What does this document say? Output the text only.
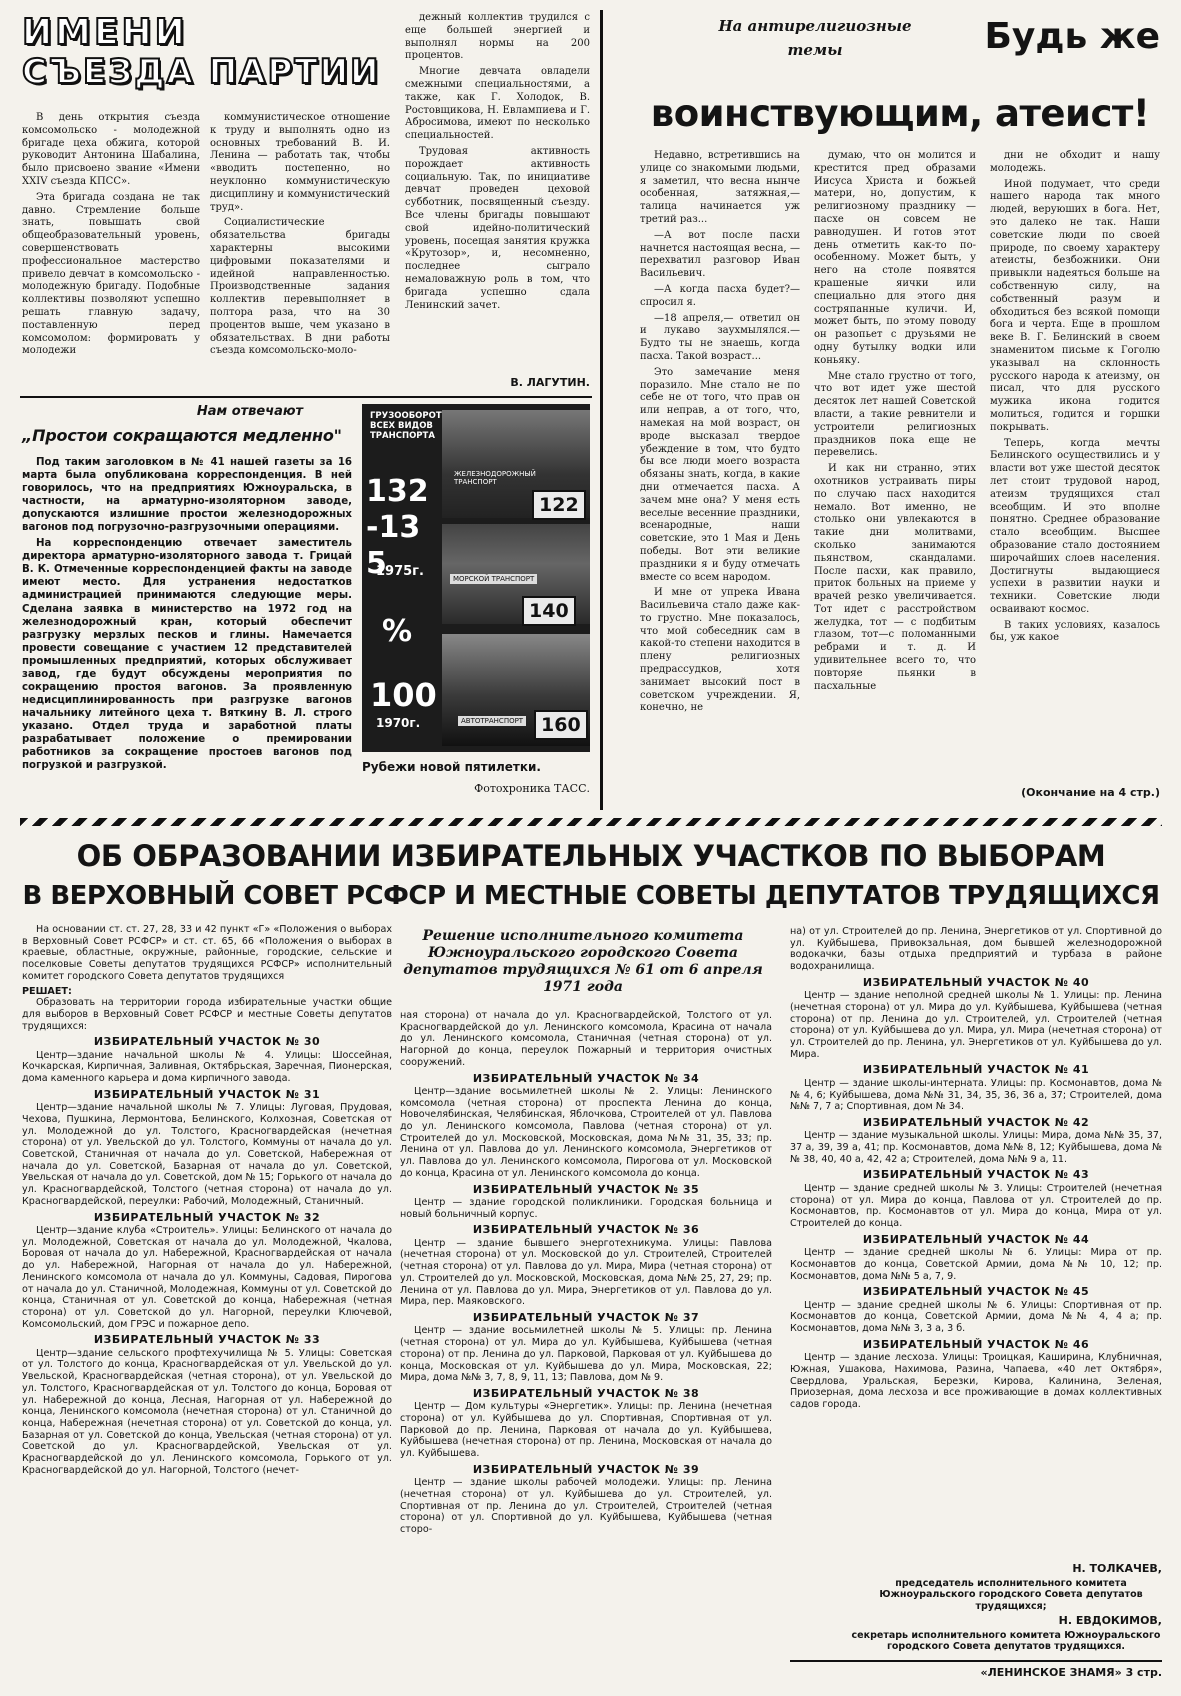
ИМЕНИ
СЪЕЗДА ПАРТИИ

В день открытия съезда комсомольско - молодежной бригаде цеха обжига, которой руководит Антонина Шабалина, было присвоено звание «Имени XXIV съезда КПСС».

Эта бригада создана не так давно. Стремление больше знать, повышать свой общеобразовательный уровень, совершенствовать профессиональное мастерство привело девчат в комсомольско - молодежную бригаду. Подобные коллективы позволяют успешно решать главную задачу, поставленную перед комсомолом: формировать у молодежи

коммунистическое отношение к труду и выполнять одно из основных требований В. И. Ленина — работать так, чтобы «вводить постепенно, но неуклонно коммунистическую дисциплину и коммунистический труд».

Социалистические обязательства бригады характерны высокими цифровыми показателями и идейной направленностью. Производственные задания коллектив перевыполняет в полтора раза, что на 30 процентов выше, чем указано в обязательствах. В дни работы съезда комсомольско-моло-

дежный коллектив трудился с еще большей энергией и выполнял нормы на 200 процентов.

Многие девчата овладели смежными специальностями, а также, как Г. Холодок, В. Ростовщикова, Н. Евлампиева и Г. Абросимова, имеют по несколько специальностей.

Трудовая активность порождает активность социальную. Так, по инициативе девчат проведен цеховой субботник, посвященный съезду. Все члены бригады повышают свой идейно-политический уровень, посещая занятия кружка «Крутозор», и, несомненно, последнее сыграло немаловажную роль в том, что бригада успешно сдала Ленинский зачет.

В. ЛАГУТИН.
Нам отвечают
„Простои сокращаются медленно"

Под таким заголовком в № 41 нашей газеты за 16 марта была опубликована корреспонденция. В ней говорилось, что на предприятиях Южноуральска, в частности, на арматурно-изоляторном заводе, допускаются излишние простои железнодорожных вагонов под погрузочно-разгрузочными операциями.

На корреспонденцию отвечает заместитель директора арматурно-изоляторного завода т. Грицай В. К. Отмеченные корреспонденцией факты на заводе имеют место. Для устранения недостатков администрацией принимаются следующие меры. Сделана заявка в министерство на 1972 год на железнодорожный кран, который обеспечит разгрузку мерзлых песков и глины. Намечается провести совещание с участием 12 представителей промышленных предприятий, которых обслуживает завод, где будут обсуждены мероприятия по сокращению простоя вагонов. За проявленную недисциплинированность при разгрузке вагонов начальнику литейного цеха т. Вяткину В. Л. строго указано. Отдел труда и заработной платы разрабатывает положение о премировании работников за сокращение простоев вагонов под погрузкой и разгрузкой.

ГРУЗООБОРОТ ВСЕХ ВИДОВ ТРАНСПОРТА
ЖЕЛЕЗНОДОРОЖНЫЙ ТРАНСПОРТ
122
132-135
1975г.	МОРСКОЙ ТРАНСПОРТ
140
%
100
1970г.	АВТОТРАНСПОРТ 160
Рубежи новой пятилетки.
Фотохроника ТАСС.
На антирелигиозные темы	Будь же
воинствующим, атеист!

Недавно, встретившись на улице со знакомыми людьми, я заметил, что весна нынче особенная, затяжная,—талица начинается уж третий раз...

—А вот после пасхи начнется настоящая весна, —перехватил разговор Иван Васильевич.

—А когда пасха будет?—спросил я.

—18 апреля,— ответил он и лукаво заухмылялся.— Будто ты не знаешь, когда пасха. Такой возраст...

Это замечание меня поразило. Мне стало не по себе не от того, что прав он или неправ, а от того, что, намекая на мой возраст, он вроде высказал твердое убеждение в том, что будто бы все люди моего возраста обязаны знать, когда, в какие дни отмечается пасха. А зачем мне она? У меня есть веселые весенние праздники, всенародные, наши советские, это 1 Мая и День победы. Вот эти великие праздники я и буду отмечать вместе со всем народом.

И мне от упрека Ивана Васильевича стало даже как-то грустно. Мне показалось, что мой собеседник сам в какой-то степени находится в плену религиозных предрассудков, хотя занимает высокий пост в советском учреждении. Я, конечно, не

думаю, что он молится и крестится пред образами Иисуса Христа и божьей матери, но, допустим, к религиозному празднику — пасхе он совсем не равнодушен. И готов этот день отметить как-то по-особенному. Может быть, у него на столе появятся крашеные яички или специально для этого дня состряпанные куличи. И, может быть, по этому поводу он разопьет с друзьями не одну бутылку водки или коньяку.

Мне стало грустно от того, что вот идет уже шестой десяток лет нашей Советской власти, а такие ревнители и устроители религиозных праздников пока еще не перевелись.

И как ни странно, этих охотников устраивать пиры по случаю пасх находится немало. Вот именно, не столько они увлекаются в такие дни молитвами, сколько занимаются пьянством, скандалами. После пасхи, как правило, приток больных на приеме у врачей резко увеличивается. Тот идет с расстройством желудка, тот — с подбитым глазом, тот—с поломанными ребрами и т. д. И удивительнее всего то, что повторяе пьянки в пасхальные

дни не обходит и нашу молодежь.

Иной подумает, что среди нашего народа так много людей, веруюших в бога. Нет, это далеко не так. Наши советские люди по своей природе, по своему характеру атеисты, безбожники. Они привыкли надеяться больше на собственную силу, на собственный разум и обходиться без всякой помощи бога и черта. Еще в прошлом веке В. Г. Белинский в своем знаменитом письме к Гоголю указывал на склонность русского народа к атеизму, он писал, что для русского мужика икона годится молиться, годится и горшки покрывать.

Теперь, когда мечты Белинского осуществились и у власти вот уже шестой десяток лет стоит трудовой народ, атеизм трудящихся стал всеобщим. И это вполне понятно. Среднее образование стало всеобщим. Высшее образование стало достоянием широчайших слоев населения. Достигнуты выдающиеся успехи в развитии науки и техники. Советские люди осваивают космос.

В таких условиях, казалось бы, уж какое

(Окончание на 4 стр.)
ОБ ОБРАЗОВАНИИ ИЗБИРАТЕЛЬНЫХ УЧАСТКОВ ПО ВЫБОРАМ
В ВЕРХОВНЫЙ СОВЕТ РСФСР И МЕСТНЫЕ СОВЕТЫ ДЕПУТАТОВ ТРУДЯЩИХСЯ

На основании ст. ст. 27, 28, 33 и 42 пункт «Г» «Положения о выборах в Верховный Совет РСФСР» и ст. ст. 65, 66 «Положения о выборах в краевые, областные, окружные, районные, городские, сельские и поселковые Советы депутатов трудящихся РСФСР» исполнительный комитет городского Совета депутатов трудящихся

РЕШАЕТ:

Образовать на территории города избирательные участки общие для выборов в Верховный Совет РСФСР и местные Советы депутатов трудящихся:

ИЗБИРАТЕЛЬНЫЙ УЧАСТОК № 30

Центр—здание начальной школы № 4. Улицы: Шоссейная, Кочкарская, Кирпичная, Заливная, Октябрьская, Заречная, Пионерская, дома каменного карьера и дома кирпичного завода.

ИЗБИРАТЕЛЬНЫЙ УЧАСТОК № 31

Центр—здание начальной школы № 7. Улицы: Луговая, Прудовая, Чехова, Пушкина, Лермонтова, Белинского, Колхозная, Советская от ул. Молодежной до ул. Толстого, Красногвардейская (нечетная сторона) от ул. Увельской до ул. Толстого, Коммуны от начала до ул. Советской, Станичная от начала до ул. Советской, Набережная от начала до ул. Советской, Базарная от начала до ул. Советской, Увельская от начала до ул. Советской, дом № 15; Горького от начала до ул. Красногвардейской, Толстого (четная сторона) от начала до ул. Красногвардейской, переулки: Рабочий, Молодежный, Станичный.

ИЗБИРАТЕЛЬНЫЙ УЧАСТОК № 32

Центр—здание клуба «Строитель». Улицы: Белинского от начала до ул. Молодежной, Советская от начала до ул. Молодежной, Чкалова, Боровая от начала до ул. Набережной, Красногвардейская от начала до ул. Набережной, Нагорная от начала до ул. Набережной, Ленинского комсомола от начала до ул. Коммуны, Садовая, Пирогова от начала до ул. Станичной, Молодежная, Коммуны от ул. Советской до конца, Станичная от ул. Советской до конца, Набережная (четная сторона) от ул. Советской до ул. Нагорной, переулки Ключевой, Комсомольский, дом ГРЭС и пожарное депо.

ИЗБИРАТЕЛЬНЫЙ УЧАСТОК № 33

Центр—здание сельского профтехучилища № 5. Улицы: Советская от ул. Толстого до конца, Красногвардейская от ул. Увельской до ул. Увельской, Красногвардейская (четная сторона), от ул. Увельской до ул. Толстого, Красногвардейская от ул. Толстого до конца, Боровая от ул. Набережной до конца, Лесная, Нагорная от ул. Набережной до конца, Ленинского комсомола (нечетная сторона) от ул. Станичной до конца, Набережная (нечетная сторона) от ул. Советской до конца, ул. Базарная от ул. Советской до конца, Увельская (четная сторона) от ул. Советской до ул. Красногвардейской, Увельская от ул. Красногвардейской до ул. Ленинского комсомола, Горького от ул. Красногвардейской до ул. Нагорной, Толстого (нечет-

Решение исполнительного комитета Южноуральского городского Совета депутатов трудящихся № 61 от 6 апреля 1971 года

ная сторона) от начала до ул. Красногвардейской, Толстого от ул. Красногвардейской до ул. Ленинского комсомола, Красина от начала до ул. Ленинского комсомола, Станичная (четная сторона) от ул. Нагорной до конца, переулок Пожарный и территория очистных сооружений.

ИЗБИРАТЕЛЬНЫЙ УЧАСТОК № 34

Центр—здание восьмилетней школы № 2. Улицы: Ленинского комсомола (четная сторона) от проспекта Ленина до конца, Новочелябинская, Челябинская, Яблочкова, Строителей от ул. Павлова до ул. Ленинского комсомола, Павлова (четная сторона) от ул. Строителей до ул. Московской, Московская, дома №№ 31, 35, 33; пр. Ленина от ул. Павлова до ул. Ленинского комсомола, Энергетиков от ул. Павлова до ул. Ленинского комсомола, Пирогова от ул. Московской до конца, Красина от ул. Ленинского комсомола до конца.

ИЗБИРАТЕЛЬНЫЙ УЧАСТОК № 35

Центр — здание городской поликлиники. Городская больница и новый больничный корпус.

ИЗБИРАТЕЛЬНЫЙ УЧАСТОК № 36

Центр — здание бывшего энерготехникума. Улицы: Павлова (нечетная сторона) от ул. Московской до ул. Строителей, Строителей (четная сторона) от ул. Павлова до ул. Мира, Мира (четная сторона) от ул. Строителей до ул. Московской, Московская, дома №№ 25, 27, 29; пр. Ленина от ул. Павлова до ул. Мира, Энергетиков от ул. Павлова до ул. Мира, пер. Маяковского.

ИЗБИРАТЕЛЬНЫЙ УЧАСТОК № 37

Центр — здание восьмилетней школы № 5. Улицы: пр. Ленина (четная сторона) от ул. Мира до ул. Куйбышева, Куйбышева (четная сторона) от пр. Ленина до ул. Парковой, Парковая от ул. Куйбышева до конца, Московская от ул. Куйбышева до ул. Мира, Московская, 22; Мира, дома №№ 3, 7, 8, 9, 11, 13; Павлова, дом № 9.

ИЗБИРАТЕЛЬНЫЙ УЧАСТОК № 38

Центр — Дом культуры «Энергетик». Улицы: пр. Ленина (нечетная сторона) от ул. Куйбышева до ул. Спортивная, Спортивная от ул. Парковой до пр. Ленина, Парковая от начала до ул. Куйбышева, Куйбышева (нечетная сторона) от пр. Ленина, Московская от начала до ул. Куйбышева.

ИЗБИРАТЕЛЬНЫЙ УЧАСТОК № 39

Центр — здание школы рабочей молодежи. Улицы: пр. Ленина (нечетная сторона) от ул. Куйбышева до ул. Строителей, ул. Спортивная от пр. Ленина до ул. Строителей, Строителей (четная сторона) от ул. Спортивной до ул. Куйбышева, Куйбышева (четная сторо-

на) от ул. Строителей до пр. Ленина, Энергетиков от ул. Спортивной до ул. Куйбышева, Привокзальная, дом бывшей железнодорожной водокачки, базы отдыха предприятий и турбаза в районе водохранилища.

ИЗБИРАТЕЛЬНЫЙ УЧАСТОК № 40

Центр — здание неполной средней школы № 1. Улицы: пр. Ленина (нечетная сторона) от ул. Мира до ул. Куйбышева, Куйбышева (четная сторона) от пр. Ленина до ул. Строителей, ул. Строителей (четная сторона) от ул. Куйбышева до ул. Мира, ул. Мира (нечетная сторона) от ул. Строителей до пр. Ленина, ул. Энергетиков от ул. Куйбышева до ул. Мира.

ИЗБИРАТЕЛЬНЫЙ УЧАСТОК № 41

Центр — здание школы-интерната. Улицы: пр. Космонавтов, дома №№ 4, 6; Куйбышева, дома №№ 31, 34, 35, 36, 36 а, 37; Строителей, дома №№ 7, 7 а; Спортивная, дом № 34.

ИЗБИРАТЕЛЬНЫЙ УЧАСТОК № 42

Центр — здание музыкальной школы. Улицы: Мира, дома №№ 35, 37, 37 а, 39, 39 а, 41; пр. Космонавтов, дома №№ 8, 12; Куйбышева, дома №№ 38, 40, 40 а, 42, 42 а; Строителей, дома №№ 9 а, 11.

ИЗБИРАТЕЛЬНЫЙ УЧАСТОК № 43

Центр — здание средней школы № 3. Улицы: Строителей (нечетная сторона) от ул. Мира до конца, Павлова от ул. Строителей до пр. Космонавтов, пр. Космонавтов от ул. Мира до конца, Мира от ул. Строителей до конца.

ИЗБИРАТЕЛЬНЫЙ УЧАСТОК № 44

Центр — здание средней школы № 6. Улицы: Мира от пр. Космонавтов до конца, Советской Армии, дома №№ 10, 12; пр. Космонавтов, дома №№ 5 а, 7, 9.

ИЗБИРАТЕЛЬНЫЙ УЧАСТОК № 45

Центр — здание средней школы № 6. Улицы: Спортивная от пр. Космонавтов до конца, Советской Армии, дома №№ 4, 4 а; пр. Космонавтов, дома №№ 3, 3 а, 3 б.

ИЗБИРАТЕЛЬНЫЙ УЧАСТОК № 46

Центр — здание лесхоза. Улицы: Троицкая, Каширина, Клубничная, Южная, Ушакова, Нахимова, Разина, Чапаева, «40 лет Октября», Свердлова, Уральская, Березки, Кирова, Калинина, Зеленая, Приозерная, дома лесхоза и все проживающие в домах коллективных садов города.

Н. ТОЛКАЧЕВ,
председатель исполнительного комитета Южноуральского городского Совета депутатов трудящихся;
Н. ЕВДОКИМОВ,
секретарь исполнительного комитета Южноуральского городского Совета депутатов трудящихся.
«ЛЕНИНСКОЕ ЗНАМЯ» 3 стр.
